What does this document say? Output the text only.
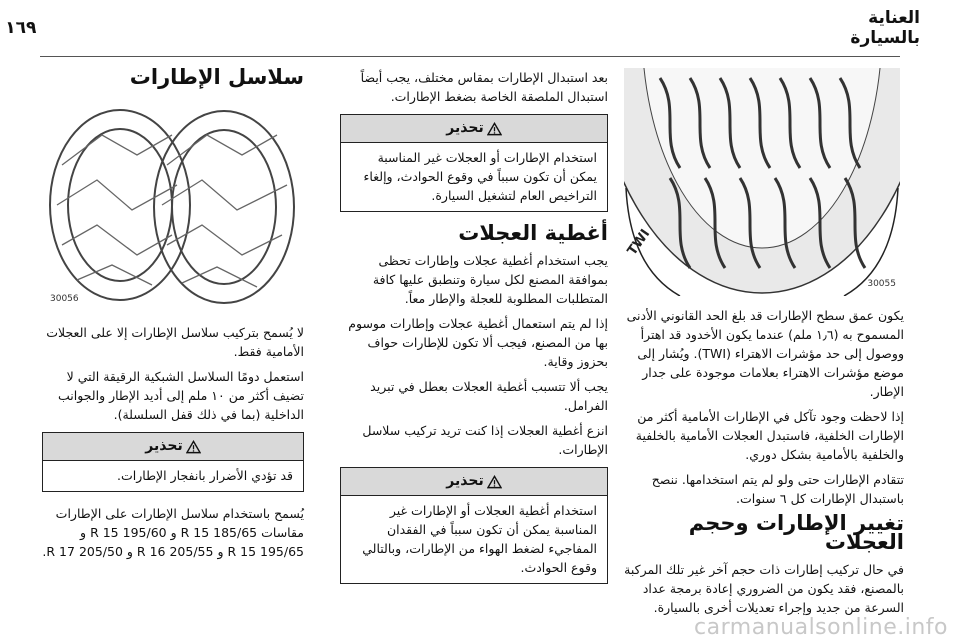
العناية بالسيارة
١٦٩
TWI
30055

يكون عمق سطح الإطارات قد بلغ الحد القانوني الأدنى المسموح به (١٫٦ ملم) عندما يكون الأخدود قد اهترأ ووصول إلى حد مؤشرات الاهتراء (TWI). ويُشار إلى موضع مؤشرات الاهتراء بعلامات موجودة على جدار الإطار.

إذا لاحظت وجود تآكل في الإطارات الأمامية أكثر من الإطارات الخلفية، فاستبدل العجلات الأمامية بالخلفية والخلفية بالأمامية بشكل دوري.

تتقادم الإطارات حتى ولو لم يتم استخدامها. ننصح باستبدال الإطارات كل ٦ سنوات.

تغيير الإطارات وحجم العجلات

في حال تركيب إطارات ذات حجم آخر غير تلك المركبة بالمصنع، فقد يكون من الضروري إعادة برمجة عداد السرعة من جديد وإجراء تعديلات أخرى بالسيارة.

بعد استبدال الإطارات بمقاس مختلف، يجب أيضاً استبدال الملصقة الخاصة بضغط الإطارات.

تحذير
استخدام الإطارات أو العجلات غير المناسبة يمكن أن تكون سبباً في وقوع الحوادث، وإلغاء التراخيص العام لتشغيل السيارة.
أغطية العجلات

يجب استخدام أغطية عجلات وإطارات تحظى بموافقة المصنع لكل سيارة وتنطبق عليها كافة المتطلبات المطلوبة للعجلة والإطار معاً.

إذا لم يتم استعمال أغطية عجلات وإطارات موسوم بها من المصنع، فيجب ألا تكون للإطارات حواف بحزوز وقاية.

يجب ألا تتسبب أغطية العجلات بعطل في تبريد الفرامل.

انزع أغطية العجلات إذا كنت تريد تركيب سلاسل الإطارات.

تحذير
استخدام أغطية العجلات أو الإطارات غير المناسبة يمكن أن تكون سبباً في الفقدان المفاجيء لضغط الهواء من الإطارات، وبالتالي وقوع الحوادث.
سلاسل الإطارات
30056

لا يُسمح بتركيب سلاسل الإطارات إلا على العجلات الأمامية فقط.

استعمل دومًا السلاسل الشبكية الرقيقة التي لا تضيف أكثر من ١٠ ملم إلى أديد الإطار والجوانب الداخلية (بما في ذلك قفل السلسلة).

تحذير
قد تؤدي الأضرار بانفجار الإطارات.

يُسمح باستخدام سلاسل الإطارات على الإطارات مقاسات 185/65 R 15 و 195/60 R 15 و 195/65 R 15 و 205/55 R 16 و 205/50 R 17.

carmanualsonline.info
